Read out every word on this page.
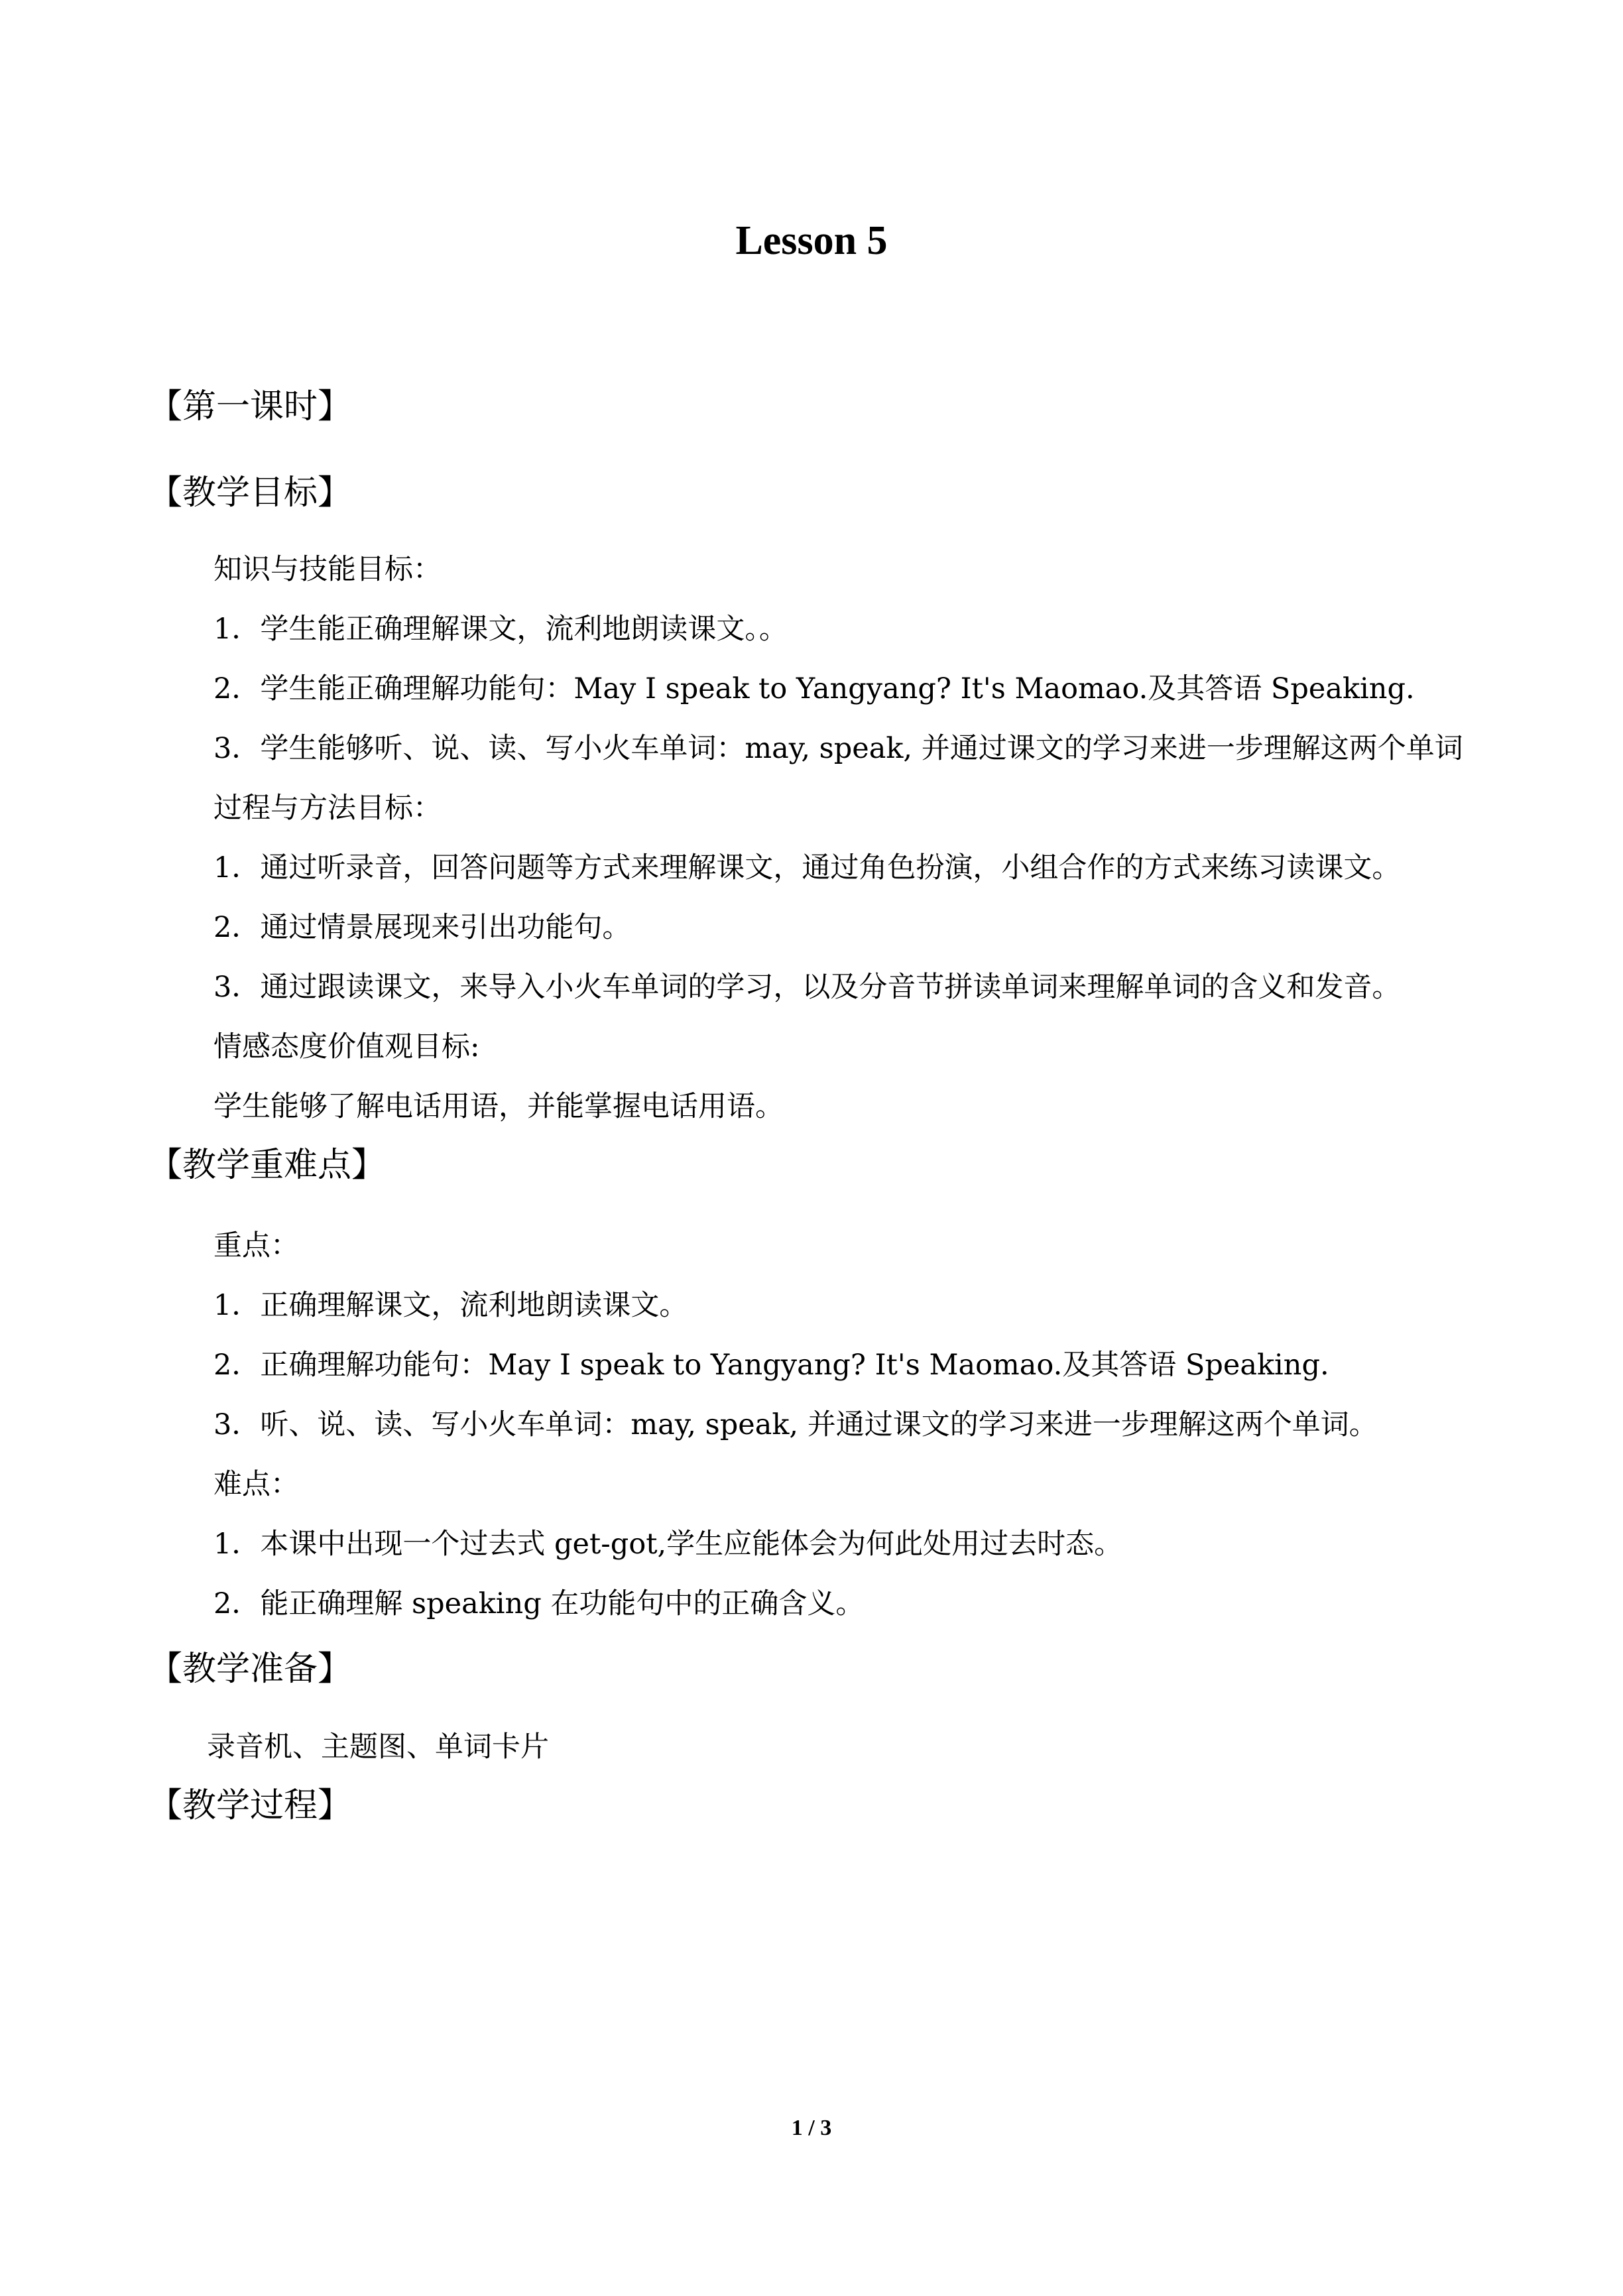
Lesson 5

【第一课时】

【教学目标】

知识与技能目标：

1．学生能正确理解课文，流利地朗读课文。。

2．学生能正确理解功能句：May I speak to Yangyang? It's Maomao.及其答语 Speaking.

3．学生能够听、说、读、写小火车单词：may, speak, 并通过课文的学习来进一步理解这两个单词

过程与方法目标：

1．通过听录音，回答问题等方式来理解课文，通过角色扮演，小组合作的方式来练习读课文。

2．通过情景展现来引出功能句。

3．通过跟读课文，来导入小火车单词的学习，以及分音节拼读单词来理解单词的含义和发音。

情感态度价值观目标:

学生能够了解电话用语，并能掌握电话用语。

【教学重难点】

重点：

1．正确理解课文，流利地朗读课文。

2．正确理解功能句：May I speak to Yangyang? It's Maomao.及其答语 Speaking.

3．听、说、读、写小火车单词：may, speak, 并通过课文的学习来进一步理解这两个单词。

难点：

1．本课中出现一个过去式 get-got,学生应能体会为何此处用过去时态。

2．能正确理解 speaking 在功能句中的正确含义。

【教学准备】

录音机、主题图、单词卡片

【教学过程】

1 / 3
